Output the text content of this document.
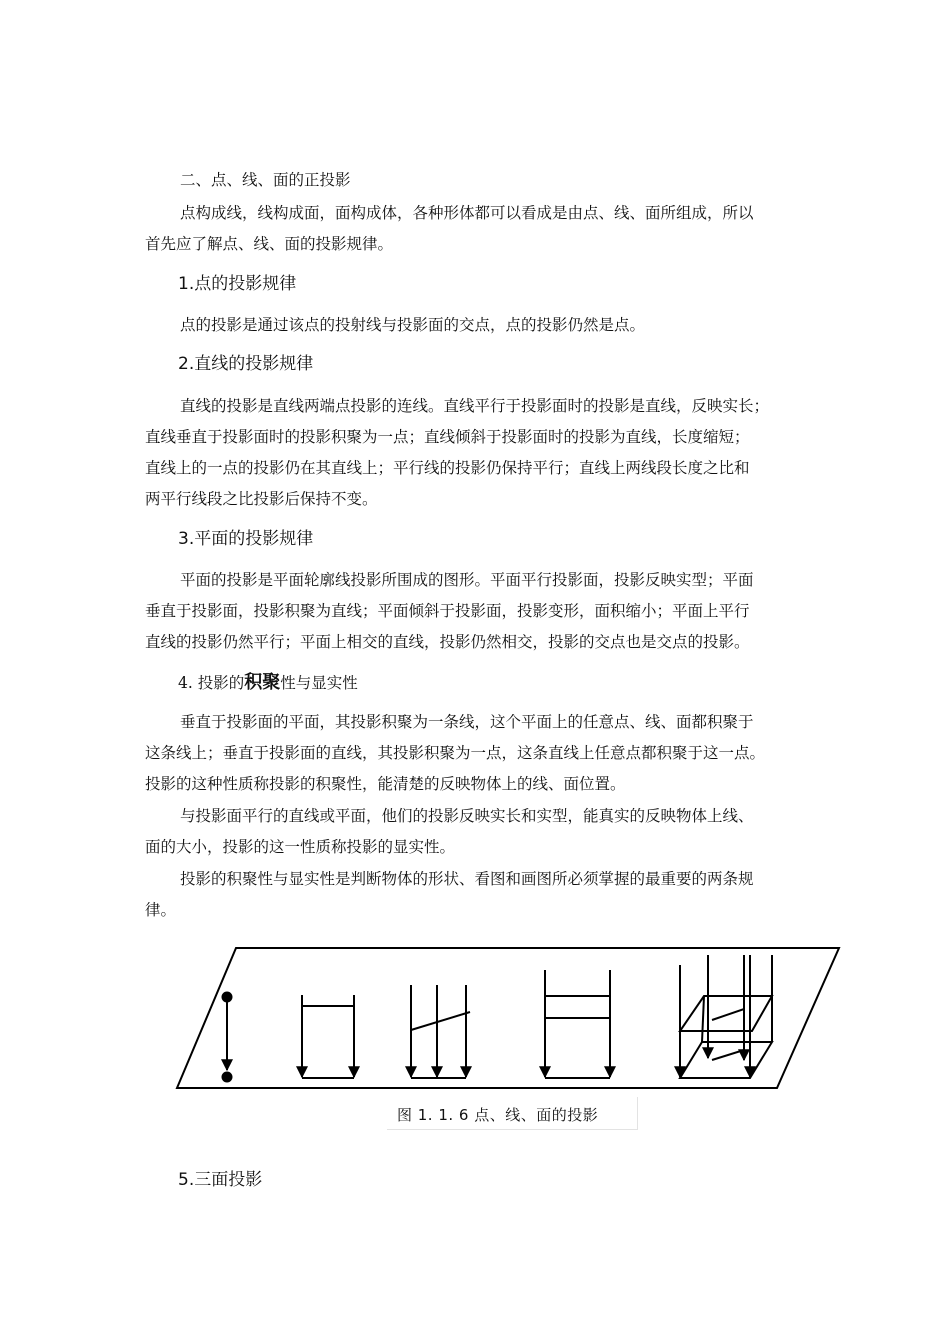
二、点、线、面的正投影
点构成线，线构成面，面构成体，各种形体都可以看成是由点、线、面所组成，所以
首先应了解点、线、面的投影规律。
1.点的投影规律
点的投影是通过该点的投射线与投影面的交点，点的投影仍然是点。
2.直线的投影规律
直线的投影是直线两端点投影的连线。直线平行于投影面时的投影是直线，反映实长；
直线垂直于投影面时的投影积聚为一点；直线倾斜于投影面时的投影为直线，长度缩短；
直线上的一点的投影仍在其直线上；平行线的投影仍保持平行；直线上两线段长度之比和
两平行线段之比投影后保持不变。
3.平面的投影规律
平面的投影是平面轮廓线投影所围成的图形。平面平行投影面，投影反映实型；平面
垂直于投影面，投影积聚为直线；平面倾斜于投影面，投影变形，面积缩小；平面上平行
直线的投影仍然平行；平面上相交的直线，投影仍然相交，投影的交点也是交点的投影。
4. 投影的积聚性与显实性
垂直于投影面的平面，其投影积聚为一条线，这个平面上的任意点、线、面都积聚于
这条线上；垂直于投影面的直线，其投影积聚为一点，这条直线上任意点都积聚于这一点。
投影的这种性质称投影的积聚性，能清楚的反映物体上的线、面位置。
与投影面平行的直线或平面，他们的投影反映实长和实型，能真实的反映物体上线、
面的大小，投影的这一性质称投影的显实性。
投影的积聚性与显实性是判断物体的形状、看图和画图所必须掌握的最重要的两条规
律。
图 1. 1. 6 点、线、面的投影
5.三面投影
